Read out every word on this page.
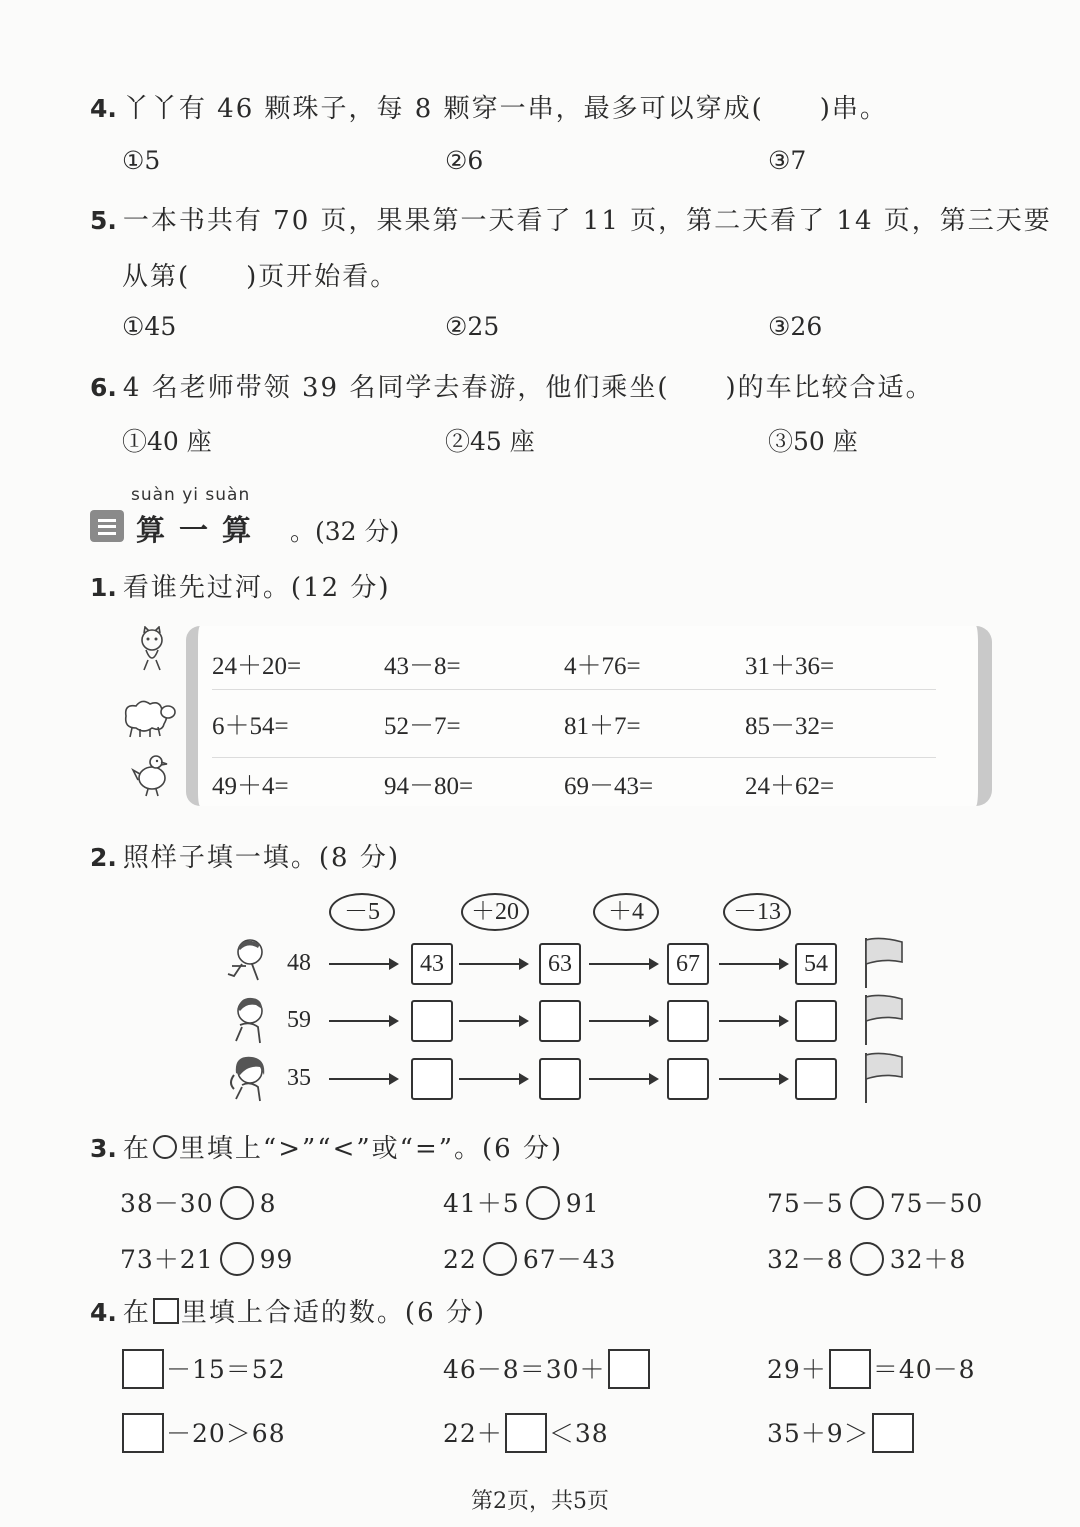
4. 丫丫有 46 颗珠子，每 8 颗穿一串，最多可以穿成(　　)串。
①5	②6	③7
5. 一本书共有 70 页，果果第一天看了 11 页，第二天看了 14 页，第三天要
从第(　　)页开始看。
①45	②25	③26
6. 4 名老师带领 39 名同学去春游，他们乘坐(　　)的车比较合适。
①40 座	②45 座	③50 座
suàn yi suàn
算一算 。(32 分)
1. 看谁先过河。(12 分)
24＋20=	43－8=	4＋76=	31＋36=
6＋54=	52－7=	81＋7=	85－32=
49＋4=	94－80=	69－43=	24＋62=
2. 照样子填一填。(8 分)
－5	＋20	＋4	－13
48	43	63	67	54
59
35
3. 在 里填上“>”“<”或“=”。(6 分)
38－30 8	41＋5 91	75－5 75－50
73＋21 99	22 67－43	32－8 32＋8
4. 在 里填上合适的数。(6 分)
－15＝52	46－8＝30＋	29＋ ＝40－8
－20＞68	22＋ ＜38	35＋9＞
第2页，共5页
